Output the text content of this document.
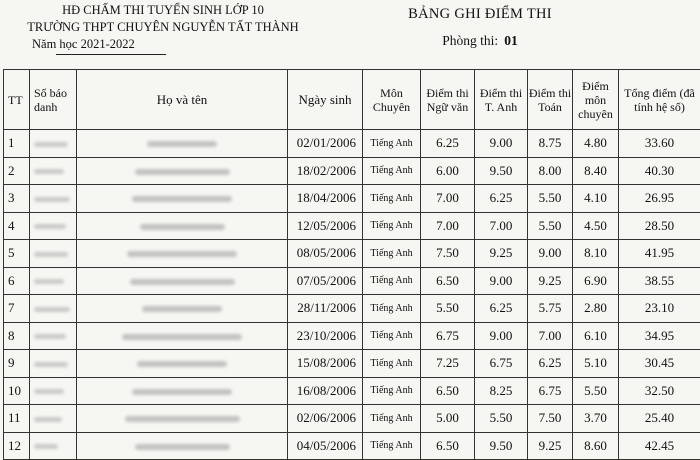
HĐ CHẤM THI TUYỂN SINH LỚP 10
TRƯỜNG THPT CHUYÊN NGUYỄN TẤT THÀNH
Năm học 2021-2022
BẢNG GHI ĐIỂM THI
Phòng thi: 01
TT	Số báo danh	Họ và tên	Ngày sinh	Môn Chuyên	Điểm thi Ngữ văn	Điểm thi T. Anh	Điểm thi Toán	Điểm môn chuyên	Tổng điểm (đã tính hệ số)
1			02/01/2006	Tiếng Anh	6.25	9.00	8.75	4.80	33.60
2			18/02/2006	Tiếng Anh	6.00	9.50	8.00	8.40	40.30
3			18/04/2006	Tiếng Anh	7.00	6.25	5.50	4.10	26.95
4			12/05/2006	Tiếng Anh	7.00	7.00	5.50	4.50	28.50
5			08/05/2006	Tiếng Anh	7.50	9.25	9.00	8.10	41.95
6			07/05/2006	Tiếng Anh	6.50	9.00	9.25	6.90	38.55
7			28/11/2006	Tiếng Anh	5.50	6.25	5.75	2.80	23.10
8			23/10/2006	Tiếng Anh	6.75	9.00	7.00	6.10	34.95
9			15/08/2006	Tiếng Anh	7.25	6.75	6.25	5.10	30.45
10			16/08/2006	Tiếng Anh	6.50	8.25	6.75	5.50	32.50
11			02/06/2006	Tiếng Anh	5.00	5.50	7.50	3.70	25.40
12			04/05/2006	Tiếng Anh	6.50	9.50	9.25	8.60	42.45
